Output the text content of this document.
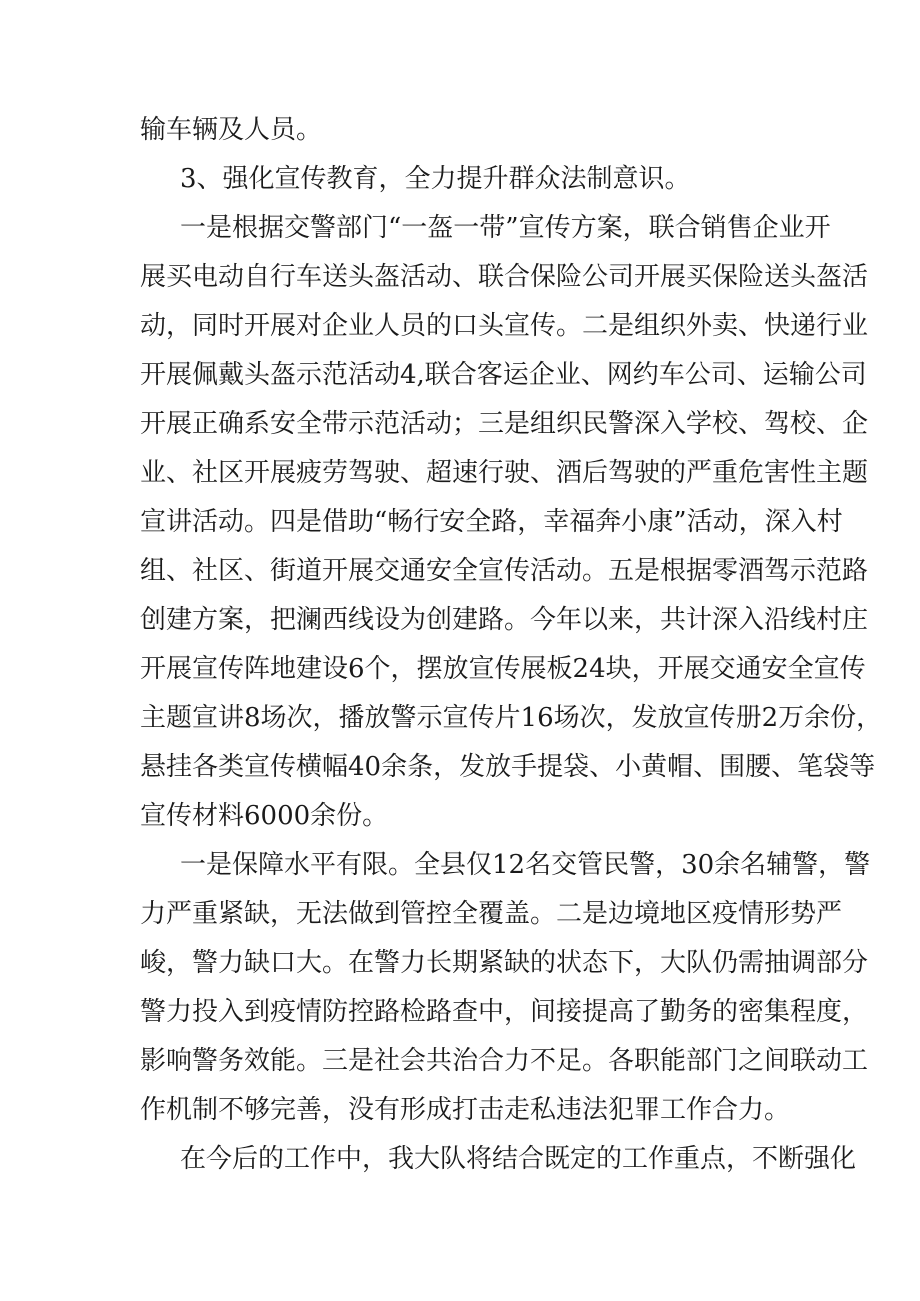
输车辆及人员。
3、强化宣传教育，全力提升群众法制意识。
一是根据交警部门“一盔一带”宣传方案，联合销售企业开
展买电动自行车送头盔活动、联合保险公司开展买保险送头盔活
动，同时开展对企业人员的口头宣传。二是组织外卖、快递行业
开展佩戴头盔示范活动4,联合客运企业、网约车公司、运输公司
开展正确系安全带示范活动；三是组织民警深入学校、驾校、企
业、社区开展疲劳驾驶、超速行驶、酒后驾驶的严重危害性主题
宣讲活动。四是借助“畅行安全路，幸福奔小康”活动，深入村
组、社区、街道开展交通安全宣传活动。五是根据零酒驾示范路
创建方案，把澜西线设为创建路。今年以来，共计深入沿线村庄
开展宣传阵地建设6个，摆放宣传展板24块，开展交通安全宣传
主题宣讲8场次，播放警示宣传片16场次，发放宣传册2万余份，
悬挂各类宣传横幅40余条，发放手提袋、小黄帽、围腰、笔袋等
宣传材料6000余份。
一是保障水平有限。全县仅12名交管民警，30余名辅警，警
力严重紧缺，无法做到管控全覆盖。二是边境地区疫情形势严
峻，警力缺口大。在警力长期紧缺的状态下，大队仍需抽调部分
警力投入到疫情防控路检路查中，间接提高了勤务的密集程度，
影响警务效能。三是社会共治合力不足。各职能部门之间联动工
作机制不够完善，没有形成打击走私违法犯罪工作合力。
在今后的工作中，我大队将结合既定的工作重点，不断强化
